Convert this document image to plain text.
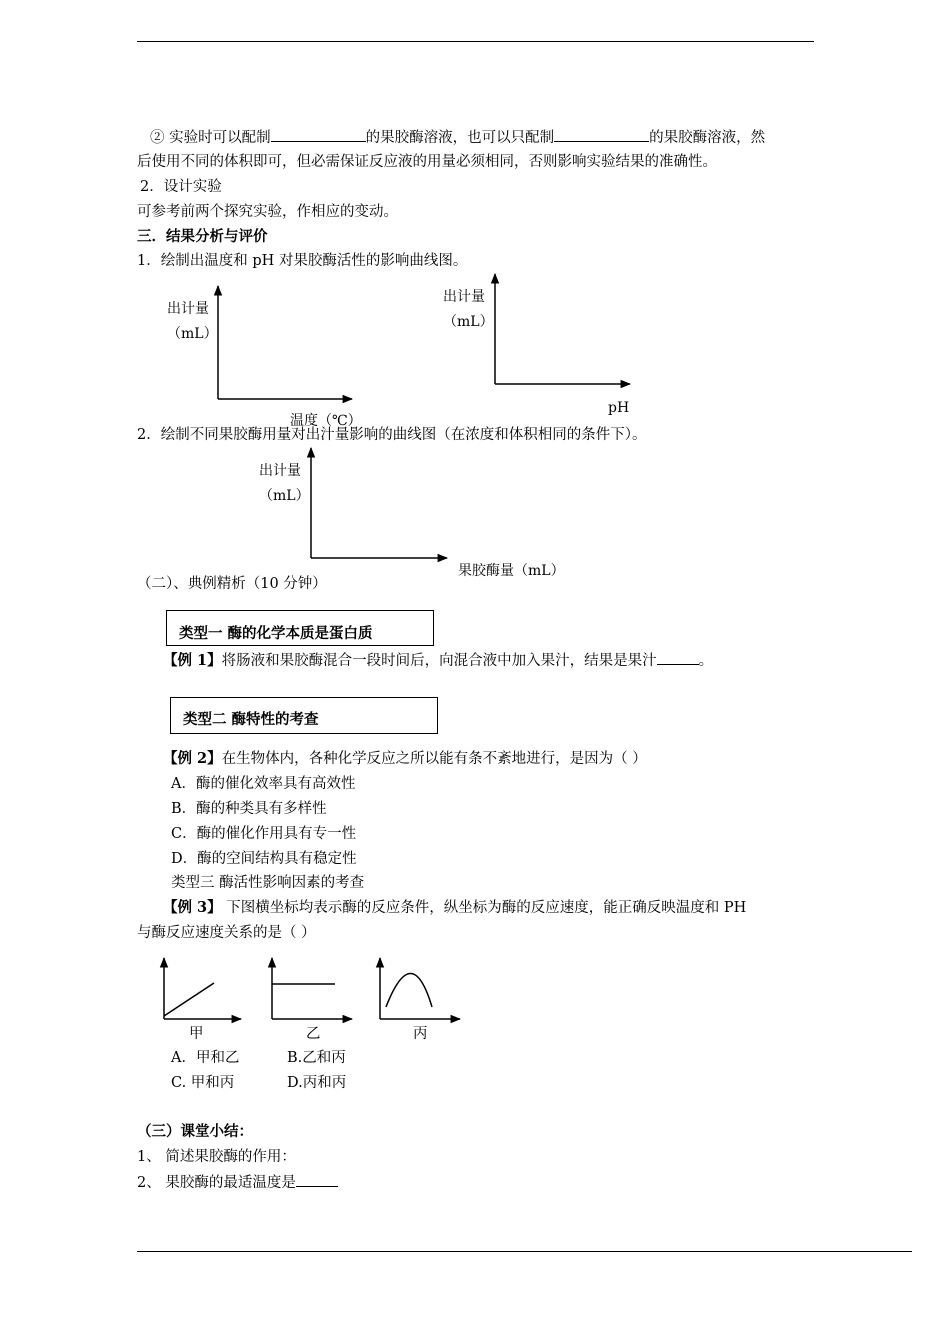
② 实验时可以配制	的果胶酶溶液，也可以只配制	的果胶酶溶液，然
后使用不同的体积即可，但必需保证反应液的用量必须相同，否则影响实验结果的准确性。
2．设计实验
可参考前两个探究实验，作相应的变动。
三．结果分析与评价
1．绘制出温度和 pH 对果胶酶活性的影响曲线图。
出计量
（mL）
温度（℃）
出计量
（mL）
pH
2．绘制不同果胶酶用量对出汁量影响的曲线图（在浓度和体积相同的条件下）。
出计量
（mL）
果胶酶量（mL）
（二）、典例精析（10 分钟）
类型一 酶的化学本质是蛋白质
【例 1】将肠液和果胶酶混合一段时间后，向混合液中加入果汁，结果是果汁	。
类型二 酶特性的考查
【例 2】在生物体内，各种化学反应之所以能有条不紊地进行，是因为（ ）
A．酶的催化效率具有高效性
B．酶的种类具有多样性
C．酶的催化作用具有专一性
D．酶的空间结构具有稳定性
类型三 酶活性影响因素的考查
【例 3】 下图横坐标均表示酶的反应条件，纵坐标为酶的反应速度，能正确反映温度和 PH
与酶反应速度关系的是（ ）
甲	乙	丙
A．甲和乙	B.乙和丙
C. 甲和丙	D.丙和丙
（三）课堂小结：
1、 简述果胶酶的作用：
2、 果胶酶的最适温度是
